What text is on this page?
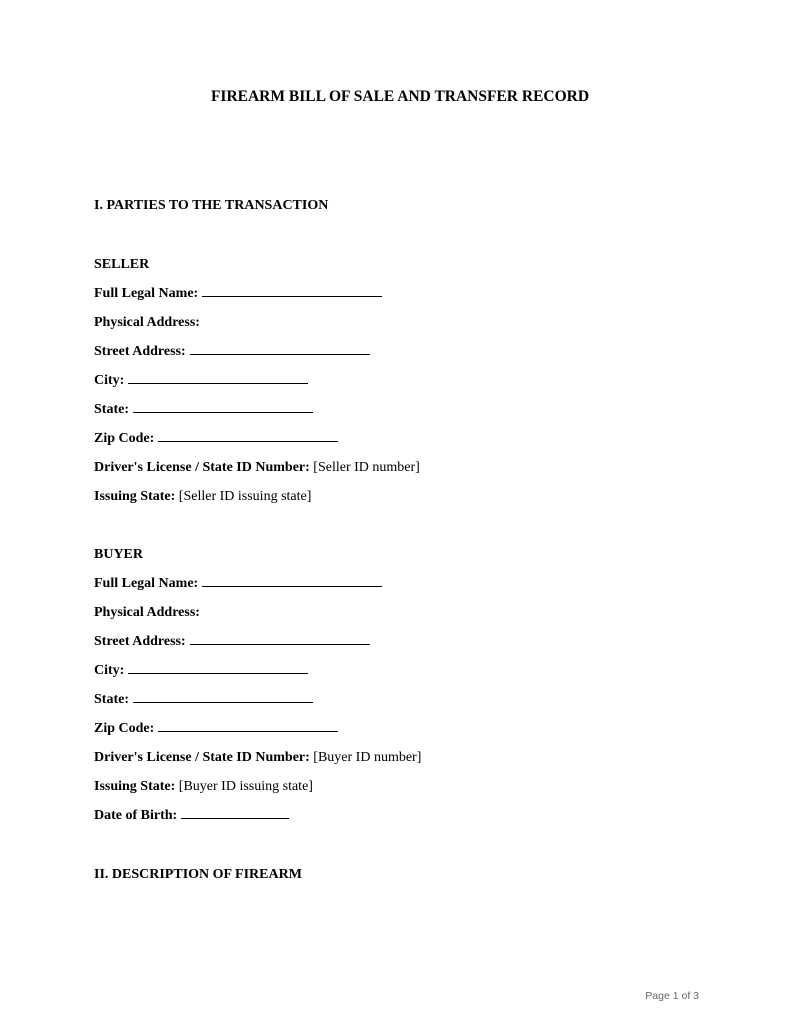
FIREARM BILL OF SALE AND TRANSFER RECORD
I. PARTIES TO THE TRANSACTION
SELLER
Full Legal Name:
Physical Address:
Street Address:
City:
State:
Zip Code:
Driver's License / State ID Number: [Seller ID number]
Issuing State: [Seller ID issuing state]
BUYER
Full Legal Name:
Physical Address:
Street Address:
City:
State:
Zip Code:
Driver's License / State ID Number: [Buyer ID number]
Issuing State: [Buyer ID issuing state]
Date of Birth:
II. DESCRIPTION OF FIREARM
Page 1 of 3
